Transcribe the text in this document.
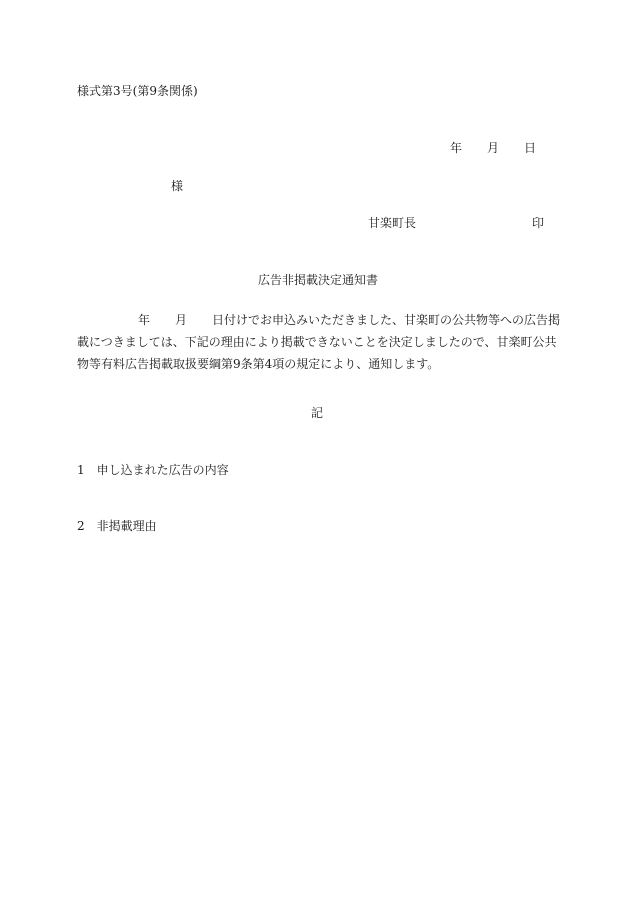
様式第3号(第9条関係)
年 月 日
様
甘楽町長	印
広告非掲載決定通知書
年 月 日付けでお申込みいただきました、甘楽町の公共物等への広告掲
載につきましては、下記の理由により掲載できないことを決定しましたので、甘楽町公共
物等有料広告掲載取扱要綱第9条第4項の規定により、通知します。
記
1 申し込まれた広告の内容
2 非掲載理由
